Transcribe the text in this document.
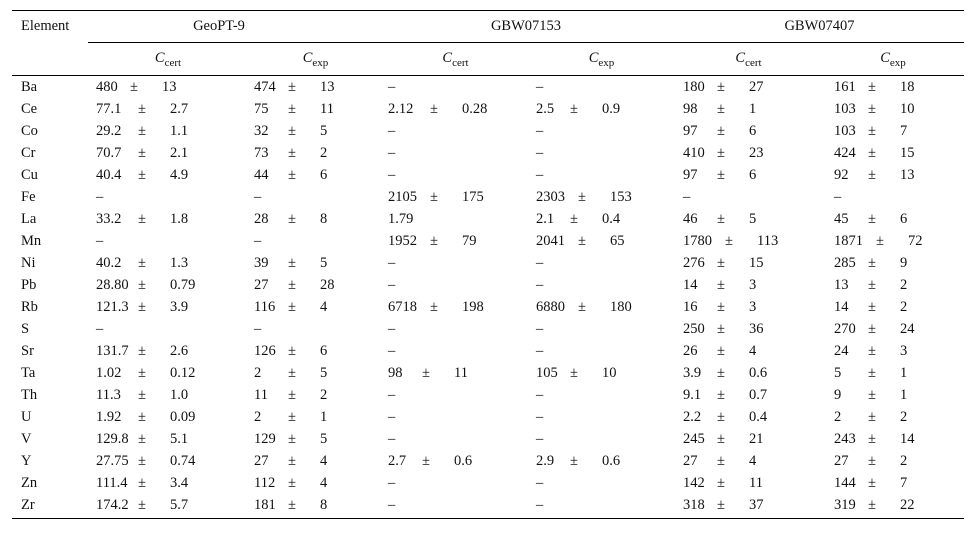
Element	GeoPT-9	GBW07153	GBW07407
$C_{cert}$	$C_{exp}$	$C_{cert}$	$C_{exp}$	$C_{cert}$	$C_{exp}$
Ba	480 ± 13	474 ± 13	–	–	180 ± 27	161 ± 18
Ce	77.1 ± 2.7	75 ± 11	2.12 ± 0.28	2.5 ± 0.9	98 ± 1	103 ± 10
Co	29.2 ± 1.1	32 ± 5	–	–	97 ± 6	103 ± 7
Cr	70.7 ± 2.1	73 ± 2	–	–	410 ± 23	424 ± 15
Cu	40.4 ± 4.9	44 ± 6	–	–	97 ± 6	92 ± 13
Fe	–	–	2105 ± 175	2303 ± 153	–	–
La	33.2 ± 1.8	28 ± 8	1.79	2.1 ± 0.4	46 ± 5	45 ± 6
Mn	–	–	1952 ± 79	2041 ± 65	1780 ± 113	1871 ± 72
Ni	40.2 ± 1.3	39 ± 5	–	–	276 ± 15	285 ± 9
Pb	28.80 ± 0.79	27 ± 28	–	–	14 ± 3	13 ± 2
Rb	121.3 ± 3.9	116 ± 4	6718 ± 198	6880 ± 180	16 ± 3	14 ± 2
S	–	–	–	–	250 ± 36	270 ± 24
Sr	131.7 ± 2.6	126 ± 6	–	–	26 ± 4	24 ± 3
Ta	1.02 ± 0.12	2 ± 5	98 ± 11	105 ± 10	3.9 ± 0.6	5 ± 1
Th	11.3 ± 1.0	11 ± 2	–	–	9.1 ± 0.7	9 ± 1
U	1.92 ± 0.09	2 ± 1	–	–	2.2 ± 0.4	2 ± 2
V	129.8 ± 5.1	129 ± 5	–	–	245 ± 21	243 ± 14
Y	27.75 ± 0.74	27 ± 4	2.7 ± 0.6	2.9 ± 0.6	27 ± 4	27 ± 2
Zn	111.4 ± 3.4	112 ± 4	–	–	142 ± 11	144 ± 7
Zr	174.2 ± 5.7	181 ± 8	–	–	318 ± 37	319 ± 22
